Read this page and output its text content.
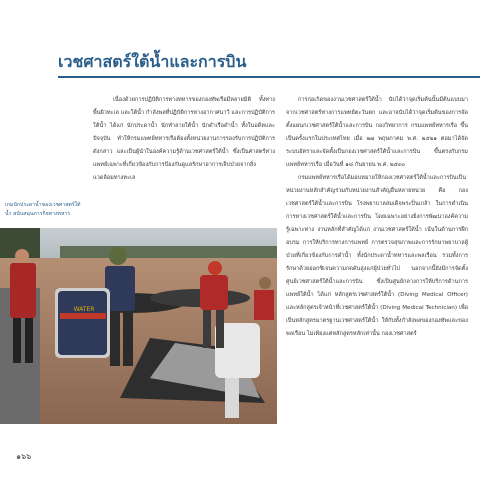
เวชศาสตร์ใต้น้ำและการบิน

เนื่องด้วยการปฏิบัติการทางทหารของกองทัพเรือมีหลายมิติ ทั้งทางพื้นผิวทะเล และใต้น้ำ กำลังพลที่ปฏิบัติการทางอากาศนาวี และการปฏิบัติการใต้น้ำ ได้แก่ นักประดาน้ำ นักทำลายใต้น้ำ นักดำเรือดำน้ำ ทั้งในอดีตและปัจจุบัน ทำให้กรมแพทย์ทหารเรือต้องตั้งหน่วยงานการรองรับการปฏิบัติการดังกล่าว และเป็นผู้นำในองค์ความรู้ด้านเวชศาสตร์ใต้น้ำ ซึ่งเป็นศาสตร์ทางแพทย์เฉพาะที่เกี่ยวข้องกับการป้องกันดูแลรักษาอาการเจ็บป่วยจากสิ่งแวดล้อมทางทะเล

การก่อเกิดของงานเวชศาสตร์ใต้น้ำ นับได้ว่าจุดเริ่มต้นนั้นมีต้นแบบมาจากเวชศาสตร์ทางการแพทย์ตะวันตก และอาจนับได้ว่าจุดเริ่มต้นของการจัดตั้งแผนกเวชศาสตร์ใต้น้ำและการบิน กองวิทยาการ กรมแพทย์ทหารเรือ ขึ้นเป็นครั้งแรกในประเทศไทย เมื่อ ๒๗ พฤษภาคม พ.ศ. ๒๕๒๑ ต่อมาได้จัดระบบอัตราและจัดตั้งเป็นกองเวชศาสตร์ใต้น้ำและการบิน ขึ้นตรงกับกรมแพทย์ทหารเรือ เมื่อวันที่ ๑๘ กันยายน พ.ศ. ๒๕๓๐

กรมแพทย์ทหารเรือได้มอบหมายให้กองเวชศาสตร์ใต้น้ำและการบินเป็นหน่วยงานหลักสำคัญร่วมกับหน่วยงานสำคัญอื่นหลายหน่วย คือ กองเวชศาสตร์ใต้น้ำและการบิน โรงพยาบาลสมเด็จพระปิ่นเกล้า ในการดำเนินการทางเวชศาสตร์ใต้น้ำและการบิน โดยเฉพาะอย่างยิ่งการพัฒนาองค์ความรู้เฉพาะทาง งานหลักที่สำคัญได้แก่ งานเวชศาสตร์ใต้น้ำ เน้นในด้านการฝึกอบรม การให้บริการทางการแพทย์ การตรวจสุขภาพและการรักษาพยาบาลผู้ป่วยที่เกี่ยวข้องกับการดำน้ำ ทั้งนักประดาน้ำทหารและพลเรือน รวมทั้งการรักษาด้วยออกซิเจนความกดดันสูงแก่ผู้ป่วยทั่วไป นอกจากนี้ยังมีการจัดตั้งศูนย์เวชศาสตร์ใต้น้ำและการบิน ซึ่งเป็นศูนย์กลางการให้บริการด้านการแพทย์ใต้น้ำ ได้แก่ หลักสูตรเวชศาสตร์ใต้น้ำ (Diving Medical Officer) และหลักสูตรเจ้าหน้าที่เวชศาสตร์ใต้น้ำ (Diving Medical Technician) เพื่อเป็นหลักสูตรมาตรฐานเวชศาสตร์ใต้น้ำ ให้กับทั้งกำลังพลของกองทัพและของพลเรือน ไม่เพียงแต่หลักสูตรหลักเท่านั้น กองเวชศาสตร์

เกมนักประดาน้ำของเวชศาสตร์ใต้น้ำ สนับสนุนภารกิจทางทหาร
WATER
๑๖๖
